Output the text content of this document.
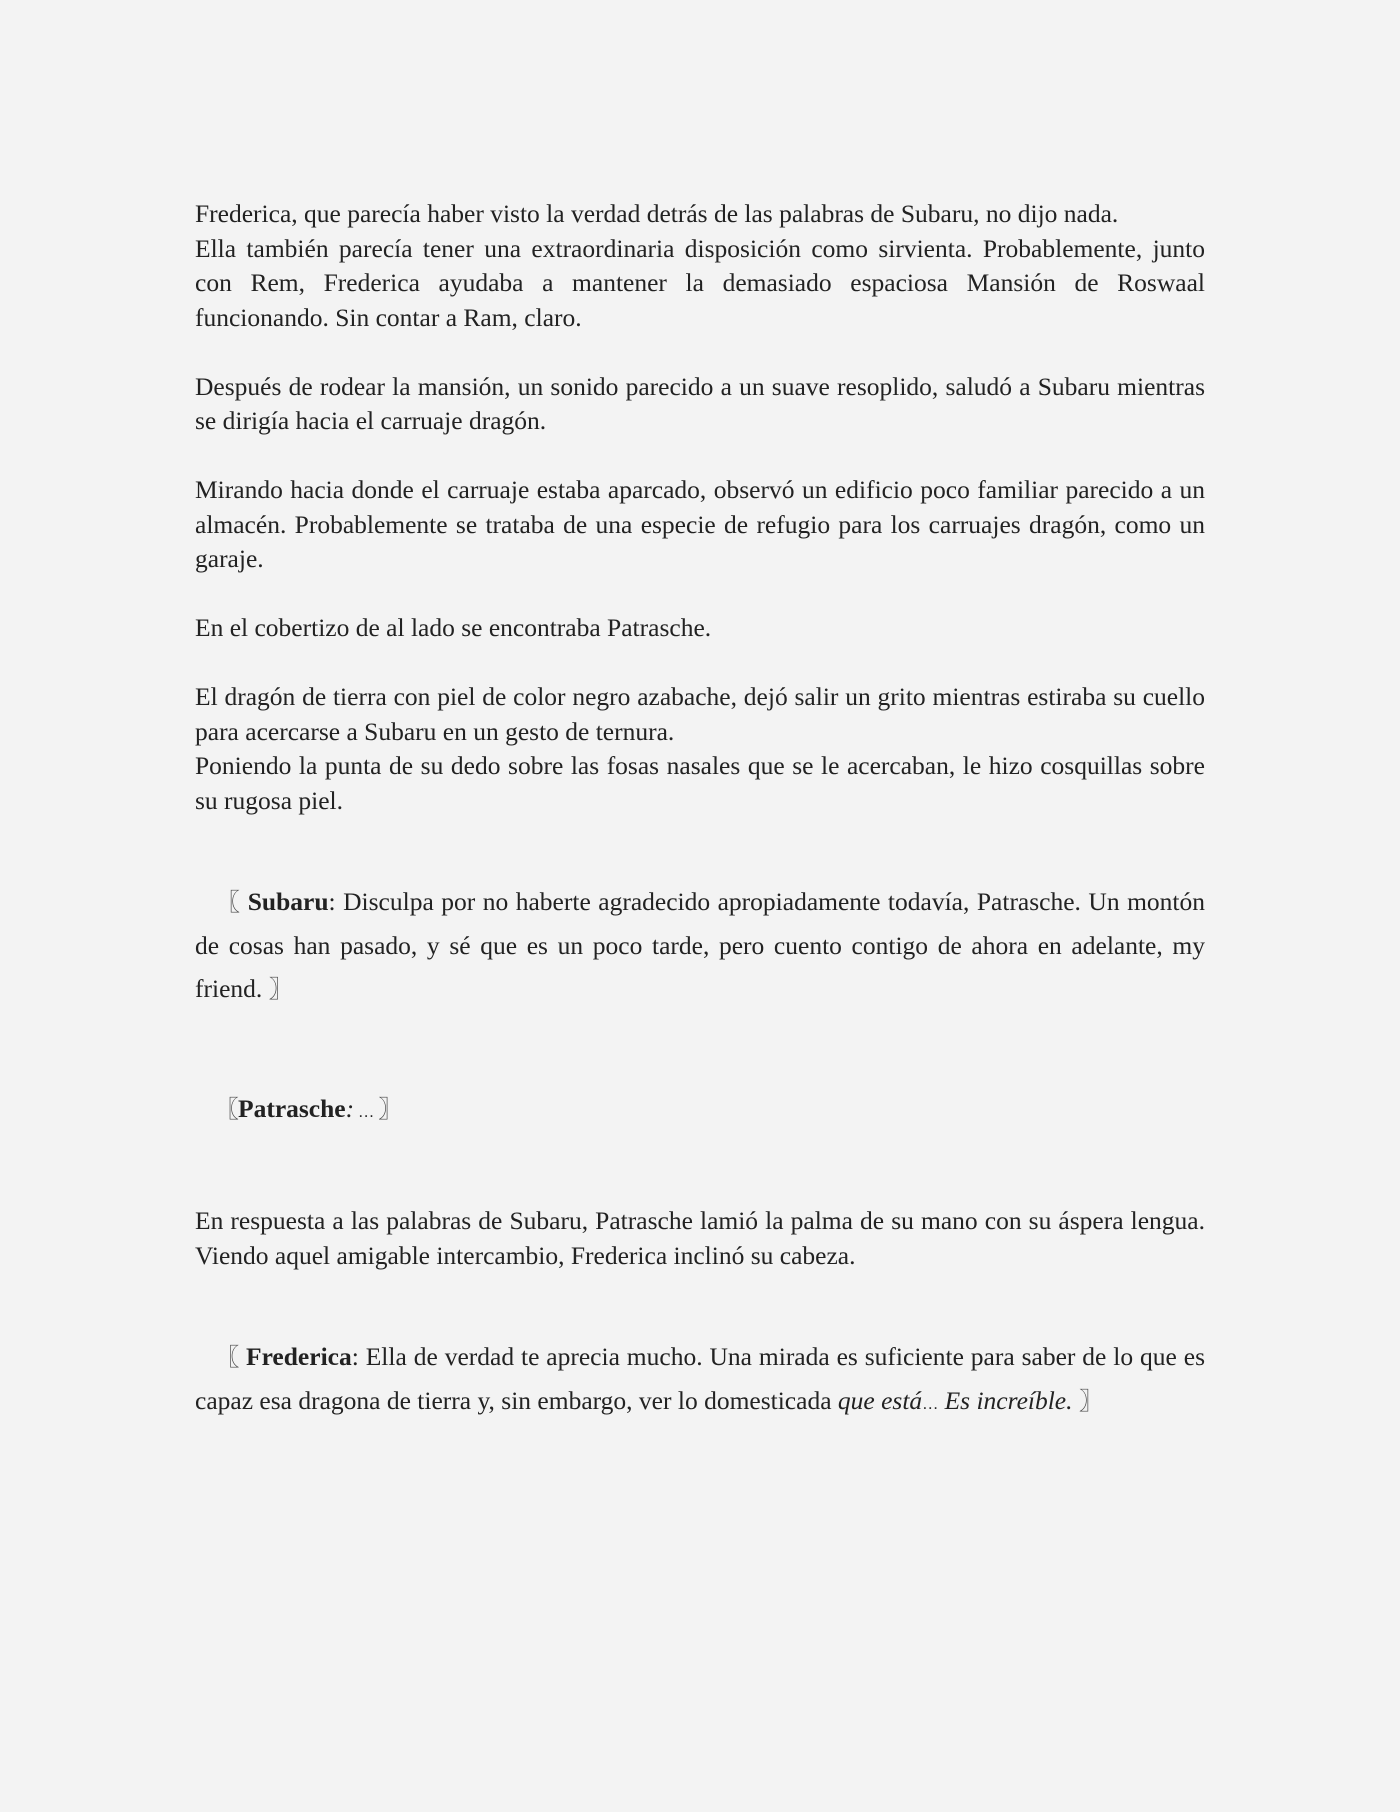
Frederica, que parecía haber visto la verdad detrás de las palabras de Subaru, no dijo nada.

Ella también parecía tener una extraordinaria disposición como sirvienta. Probablemente, junto con Rem, Frederica ayudaba a mantener la demasiado espaciosa Mansión de Roswaal funcionando. Sin contar a Ram, claro.

Después de rodear la mansión, un sonido parecido a un suave resoplido, saludó a Subaru mientras se dirigía hacia el carruaje dragón.

Mirando hacia donde el carruaje estaba aparcado, observó un edificio poco familiar parecido a un almacén. Probablemente se trataba de una especie de refugio para los carruajes dragón, como un garaje.

En el cobertizo de al lado se encontraba Patrasche.

El dragón de tierra con piel de color negro azabache, dejó salir un grito mientras estiraba su cuello para acercarse a Subaru en un gesto de ternura.

Poniendo la punta de su dedo sobre las fosas nasales que se le acercaban, le hizo cosquillas sobre su rugosa piel.

〖 Subaru: Disculpa por no haberte agradecido apropiadamente todavía, Patrasche. Un montón de cosas han pasado, y sé que es un poco tarde, pero cuento contigo de ahora en adelante, my friend. 〗

〖Patrasche: … 〗

En respuesta a las palabras de Subaru, Patrasche lamió la palma de su mano con su áspera lengua. Viendo aquel amigable intercambio, Frederica inclinó su cabeza.

〖 Frederica: Ella de verdad te aprecia mucho. Una mirada es suficiente para saber de lo que es capaz esa dragona de tierra y, sin embargo, ver lo domesticada que está… Es increíble. 〗
